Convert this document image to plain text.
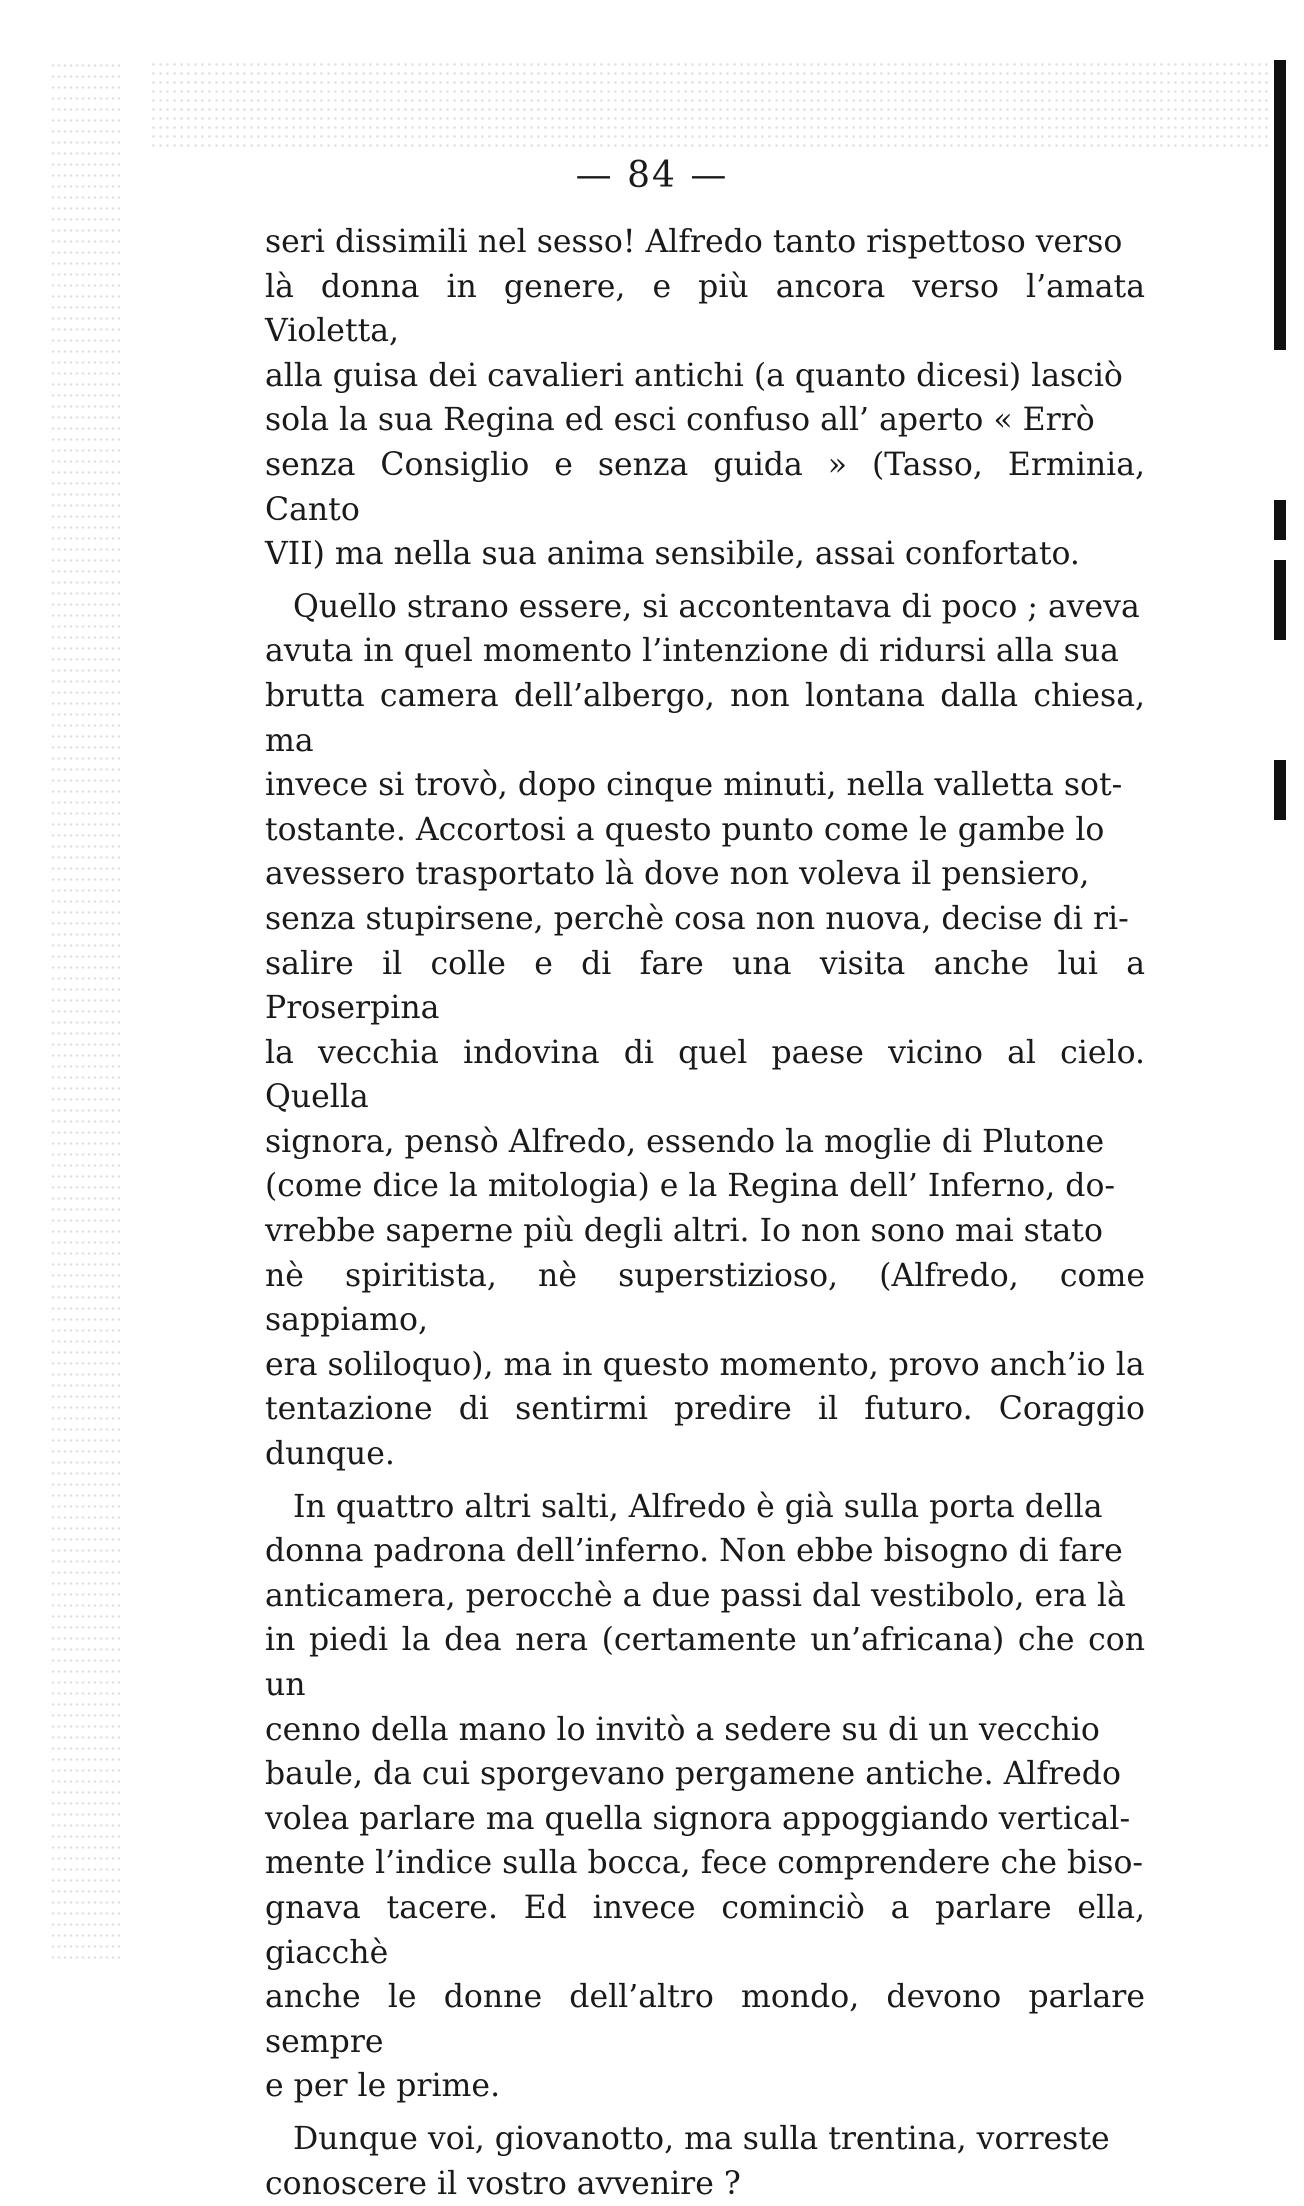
— 84 —

seri dissimili nel sesso! Alfredo tanto rispettoso verso
là donna in genere, e più ancora verso l’amata Violetta,
alla guisa dei cavalieri antichi (a quanto dicesi) lasciò
sola la sua Regina ed esci confuso all’ aperto « Errò
senza Consiglio e senza guida » (Tasso, Erminia, Canto
VII) ma nella sua anima sensibile, assai confortato.

Quello strano essere, si accontentava di poco ; aveva
avuta in quel momento l’intenzione di ridursi alla sua
brutta camera dell’albergo, non lontana dalla chiesa, ma
invece si trovò, dopo cinque minuti, nella valletta sot-
tostante. Accortosi a questo punto come le gambe lo
avessero trasportato là dove non voleva il pensiero,
senza stupirsene, perchè cosa non nuova, decise di ri-
salire il colle e di fare una visita anche lui a Proserpina
la vecchia indovina di quel paese vicino al cielo. Quella
signora, pensò Alfredo, essendo la moglie di Plutone
(come dice la mitologia) e la Regina dell’ Inferno, do-
vrebbe saperne più degli altri. Io non sono mai stato
nè spiritista, nè superstizioso, (Alfredo, come sappiamo,
era soliloquo), ma in questo momento, provo anch’io la
tentazione di sentirmi predire il futuro. Coraggio dunque.

In quattro altri salti, Alfredo è già sulla porta della
donna padrona dell’inferno. Non ebbe bisogno di fare
anticamera, perocchè a due passi dal vestibolo, era là
in piedi la dea nera (certamente un’africana) che con un
cenno della mano lo invitò a sedere su di un vecchio
baule, da cui sporgevano pergamene antiche. Alfredo
volea parlare ma quella signora appoggiando vertical-
mente l’indice sulla bocca, fece comprendere che biso-
gnava tacere. Ed invece cominciò a parlare ella, giacchè
anche le donne dell’altro mondo, devono parlare sempre
e per le prime.

Dunque voi, giovanotto, ma sulla trentina, vorreste
conoscere il vostro avvenire ?
